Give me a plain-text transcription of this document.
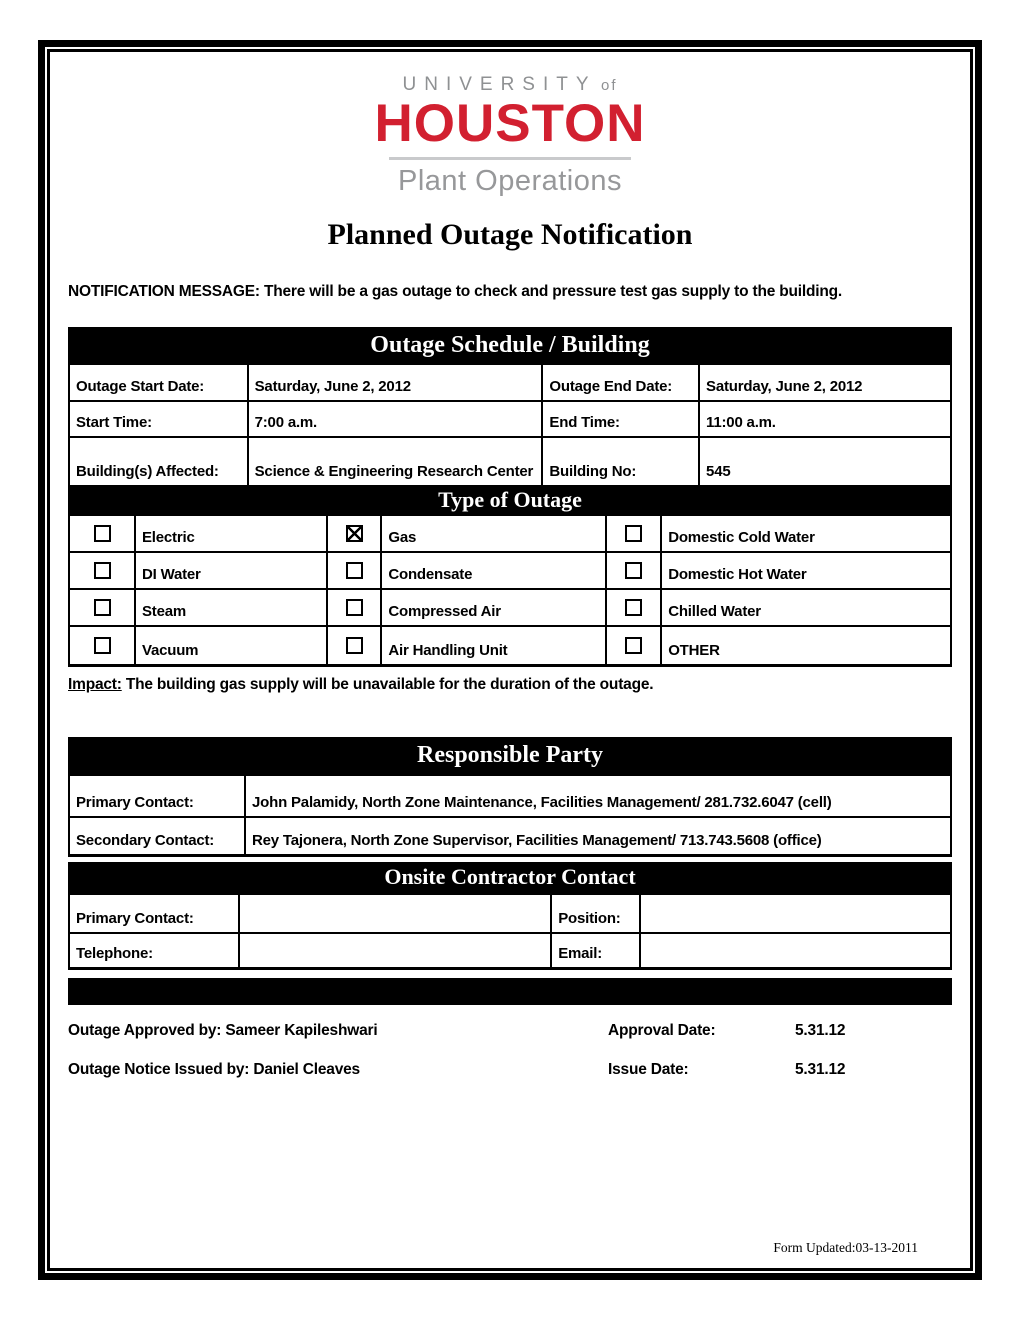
UNIVERSITY of
HOUSTON
Plant Operations
Planned Outage Notification
NOTIFICATION MESSAGE: There will be a gas outage to check and pressure test gas supply to the building.
Outage Schedule / Building
Outage Start Date:	Saturday, June 2, 2012	Outage End Date:	Saturday, June 2, 2012
Start Time:	7:00 a.m.	End Time:	11:00 a.m.
Building(s) Affected:	Science & Engineering Research Center	Building No:	545
Type of Outage
Electric	Gas	Domestic Cold Water
DI Water	Condensate	Domestic Hot Water
Steam	Compressed Air	Chilled Water
Vacuum	Air Handling Unit	OTHER
Impact: The building gas supply will be unavailable for the duration of the outage.
Responsible Party
Primary Contact:	John Palamidy, North Zone Maintenance, Facilities Management/ 281.732.6047 (cell)
Secondary Contact:	Rey Tajonera, North Zone Supervisor, Facilities Management/ 713.743.5608 (office)
Onsite Contractor Contact
Primary Contact:	Position:
Telephone:	Email:
Outage Approved by: Sameer Kapileshwari	Approval Date:	5.31.12
Outage Notice Issued by: Daniel Cleaves	Issue Date:	5.31.12
Form Updated:03-13-2011
